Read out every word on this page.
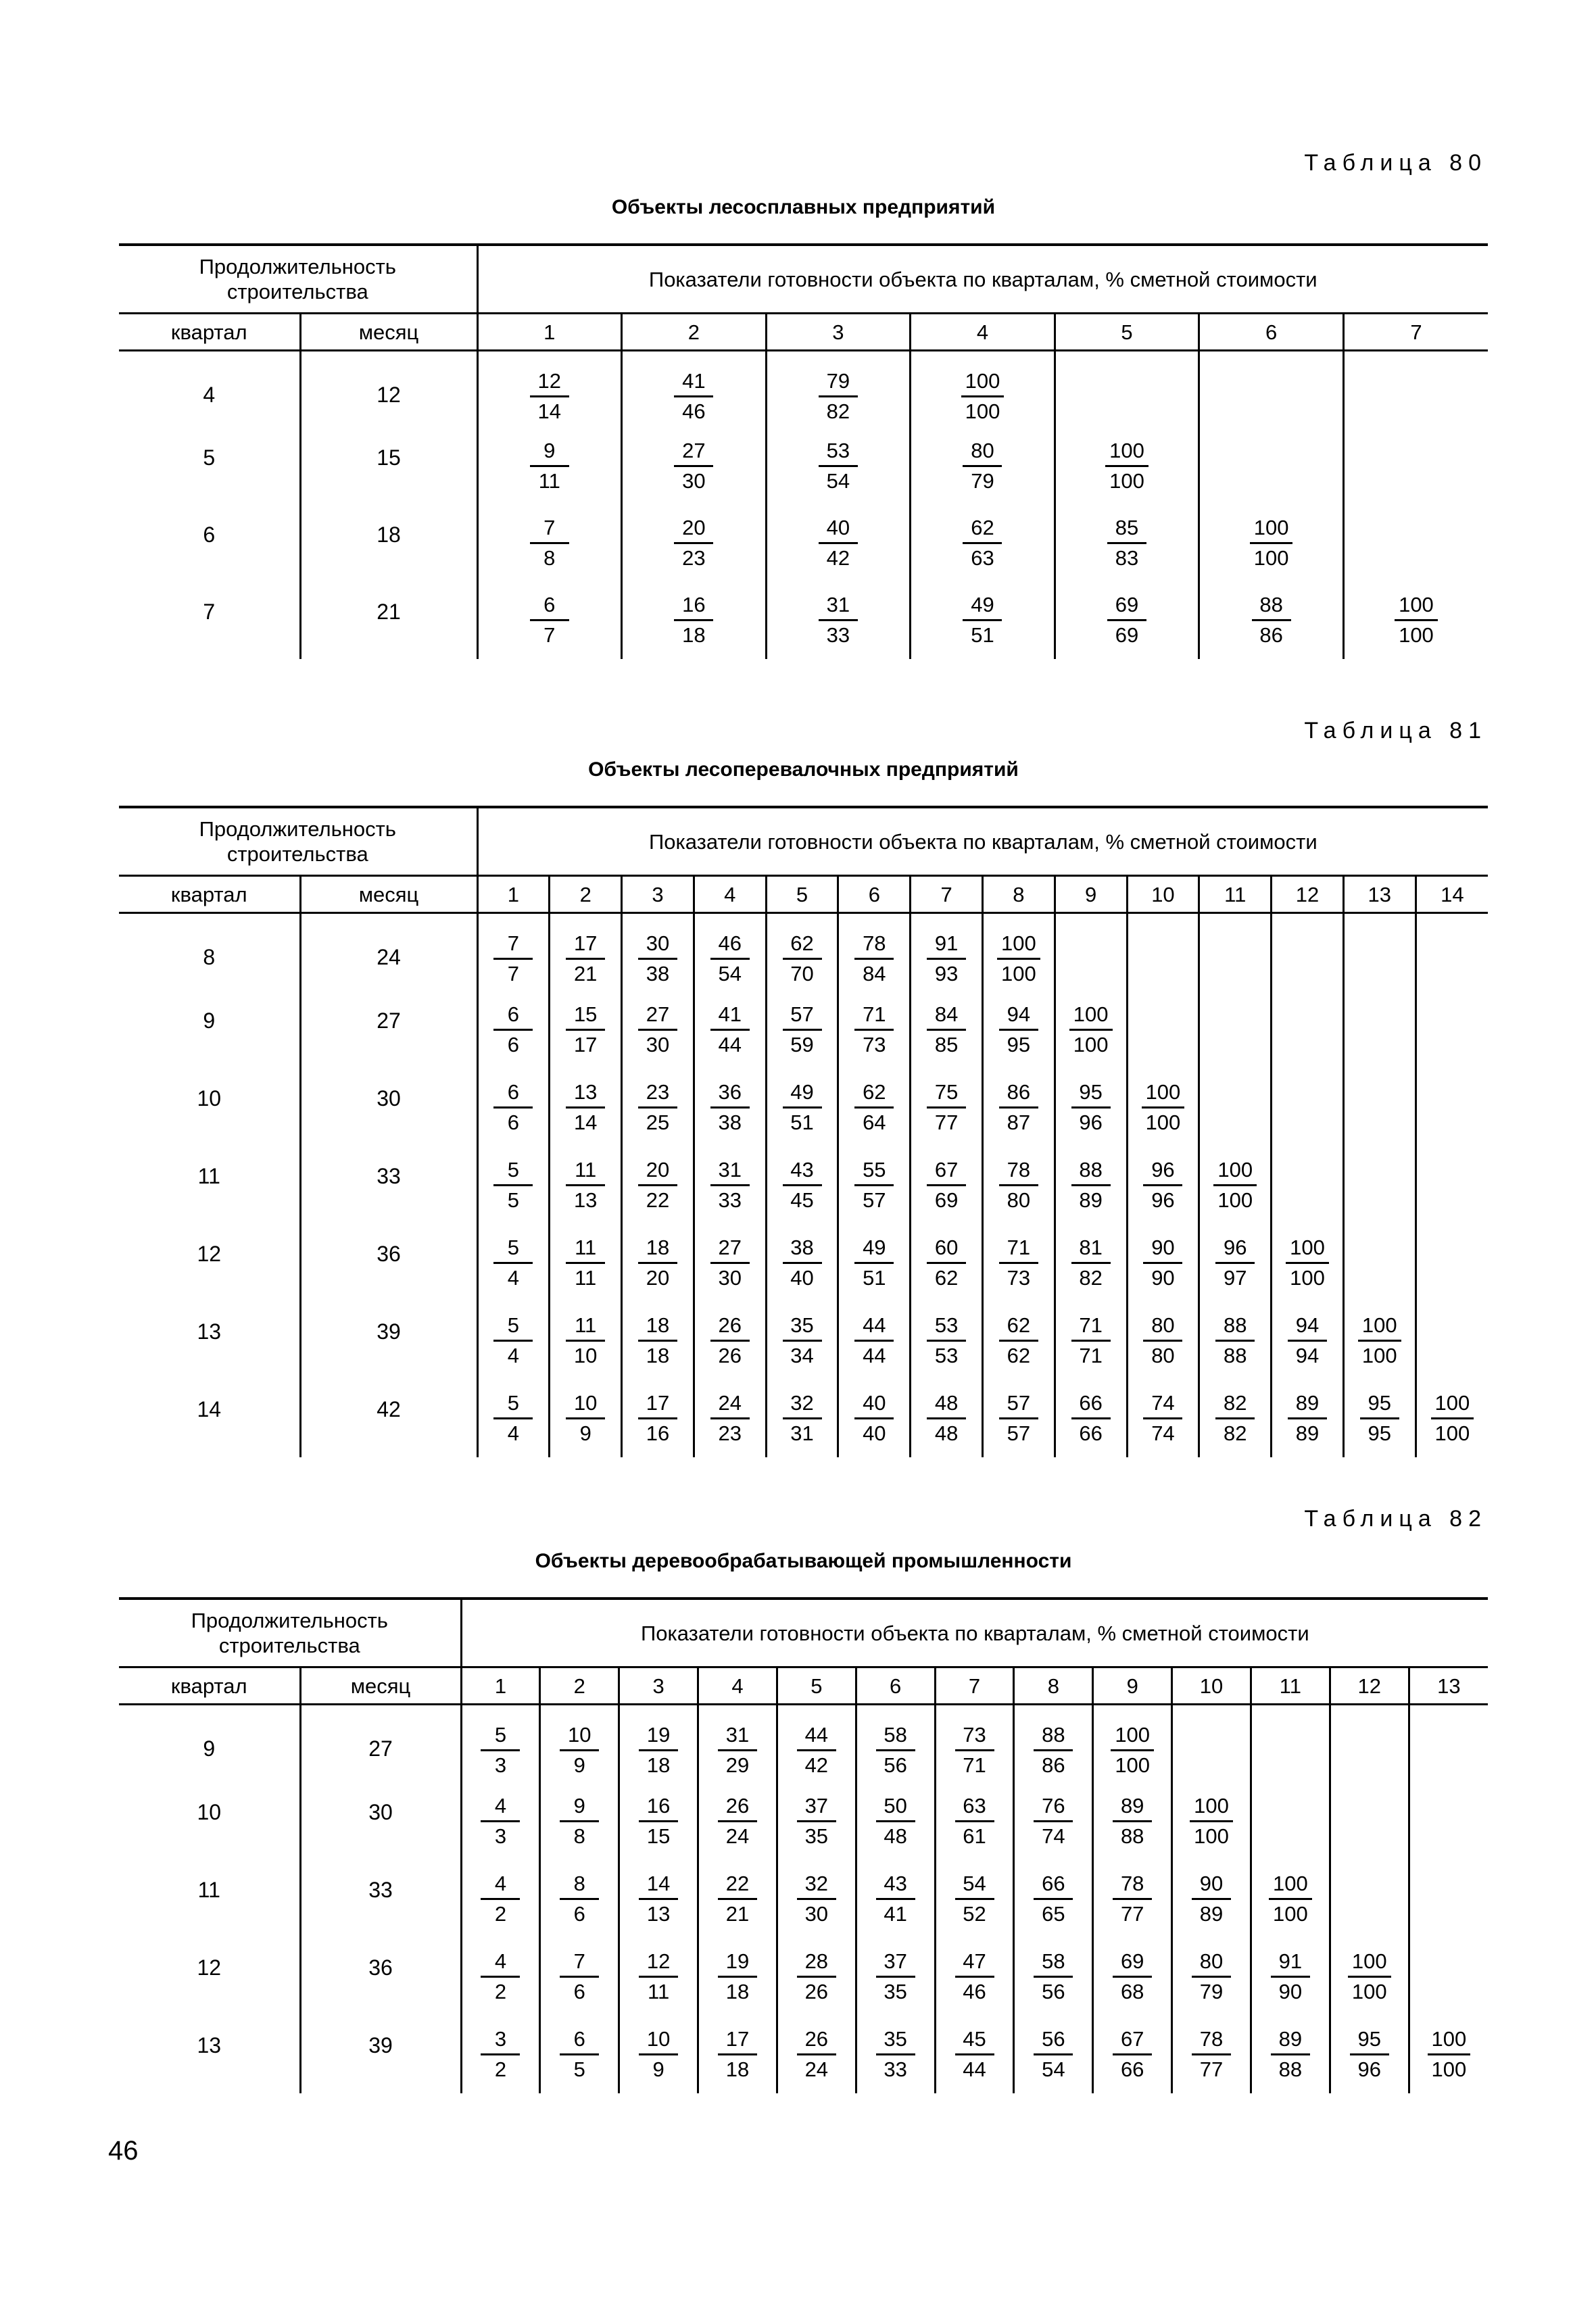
Таблица 80
Объекты лесосплавных предприятий
Продолжительность строительства		Показатели готовности объекта по кварталам, % сметной стоимости						
квартал	месяц	1	2	3	4	5	6	7
4	12	$\frac{12}{14}$	$\frac{41}{46}$	$\frac{79}{82}$	$\frac{100}{100}$

5	15	$\frac{9}{11}$	$\frac{27}{30}$	$\frac{53}{54}$	$\frac{80}{79}$	$\frac{100}{100}$

6	18	$\frac{7}{8}$	$\frac{20}{23}$	$\frac{40}{42}$	$\frac{62}{63}$	$\frac{85}{83}$	$\frac{100}{100}$

7	21	$\frac{6}{7}$	$\frac{16}{18}$	$\frac{31}{33}$	$\frac{49}{51}$	$\frac{69}{69}$	$\frac{88}{86}$	$\frac{100}{100}$
Таблица 81
Объекты лесоперевалочных предприятий
Продолжительность строительства		Показатели готовности объекта по кварталам, % сметной стоимости													
квартал	месяц	1	2	3	4	5	6	7	8	9	10	11	12	13	14
8	24	$\frac{7}{7}$	$\frac{17}{21}$	$\frac{30}{38}$	$\frac{46}{54}$	$\frac{62}{70}$	$\frac{78}{84}$	$\frac{91}{93}$	$\frac{100}{100}$

9	27	$\frac{6}{6}$	$\frac{15}{17}$	$\frac{27}{30}$	$\frac{41}{44}$	$\frac{57}{59}$	$\frac{71}{73}$	$\frac{84}{85}$	$\frac{94}{95}$	$\frac{100}{100}$

10	30	$\frac{6}{6}$	$\frac{13}{14}$	$\frac{23}{25}$	$\frac{36}{38}$	$\frac{49}{51}$	$\frac{62}{64}$	$\frac{75}{77}$	$\frac{86}{87}$	$\frac{95}{96}$	$\frac{100}{100}$

11	33	$\frac{5}{5}$	$\frac{11}{13}$	$\frac{20}{22}$	$\frac{31}{33}$	$\frac{43}{45}$	$\frac{55}{57}$	$\frac{67}{69}$	$\frac{78}{80}$	$\frac{88}{89}$	$\frac{96}{96}$	$\frac{100}{100}$

12	36	$\frac{5}{4}$	$\frac{11}{11}$	$\frac{18}{20}$	$\frac{27}{30}$	$\frac{38}{40}$	$\frac{49}{51}$	$\frac{60}{62}$	$\frac{71}{73}$	$\frac{81}{82}$	$\frac{90}{90}$	$\frac{96}{97}$	$\frac{100}{100}$

13	39	$\frac{5}{4}$	$\frac{11}{10}$	$\frac{18}{18}$	$\frac{26}{26}$	$\frac{35}{34}$	$\frac{44}{44}$	$\frac{53}{53}$	$\frac{62}{62}$	$\frac{71}{71}$	$\frac{80}{80}$	$\frac{88}{88}$	$\frac{94}{94}$	$\frac{100}{100}$

14	42	$\frac{5}{4}$	$\frac{10}{9}$	$\frac{17}{16}$	$\frac{24}{23}$	$\frac{32}{31}$	$\frac{40}{40}$	$\frac{48}{48}$	$\frac{57}{57}$	$\frac{66}{66}$	$\frac{74}{74}$	$\frac{82}{82}$	$\frac{89}{89}$	$\frac{95}{95}$	$\frac{100}{100}$
Таблица 82
Объекты деревообрабатывающей промышленности
Продолжительность строительства		Показатели готовности объекта по кварталам, % сметной стоимости												
квартал	месяц	1	2	3	4	5	6	7	8	9	10	11	12	13
9	27	$\frac{5}{3}$	$\frac{10}{9}$	$\frac{19}{18}$	$\frac{31}{29}$	$\frac{44}{42}$	$\frac{58}{56}$	$\frac{73}{71}$	$\frac{88}{86}$	$\frac{100}{100}$

10	30	$\frac{4}{3}$	$\frac{9}{8}$	$\frac{16}{15}$	$\frac{26}{24}$	$\frac{37}{35}$	$\frac{50}{48}$	$\frac{63}{61}$	$\frac{76}{74}$	$\frac{89}{88}$	$\frac{100}{100}$

11	33	$\frac{4}{2}$	$\frac{8}{6}$	$\frac{14}{13}$	$\frac{22}{21}$	$\frac{32}{30}$	$\frac{43}{41}$	$\frac{54}{52}$	$\frac{66}{65}$	$\frac{78}{77}$	$\frac{90}{89}$	$\frac{100}{100}$

12	36	$\frac{4}{2}$	$\frac{7}{6}$	$\frac{12}{11}$	$\frac{19}{18}$	$\frac{28}{26}$	$\frac{37}{35}$	$\frac{47}{46}$	$\frac{58}{56}$	$\frac{69}{68}$	$\frac{80}{79}$	$\frac{91}{90}$	$\frac{100}{100}$

13	39	$\frac{3}{2}$	$\frac{6}{5}$	$\frac{10}{9}$	$\frac{17}{18}$	$\frac{26}{24}$	$\frac{35}{33}$	$\frac{45}{44}$	$\frac{56}{54}$	$\frac{67}{66}$	$\frac{78}{77}$	$\frac{89}{88}$	$\frac{95}{96}$	$\frac{100}{100}$
46
